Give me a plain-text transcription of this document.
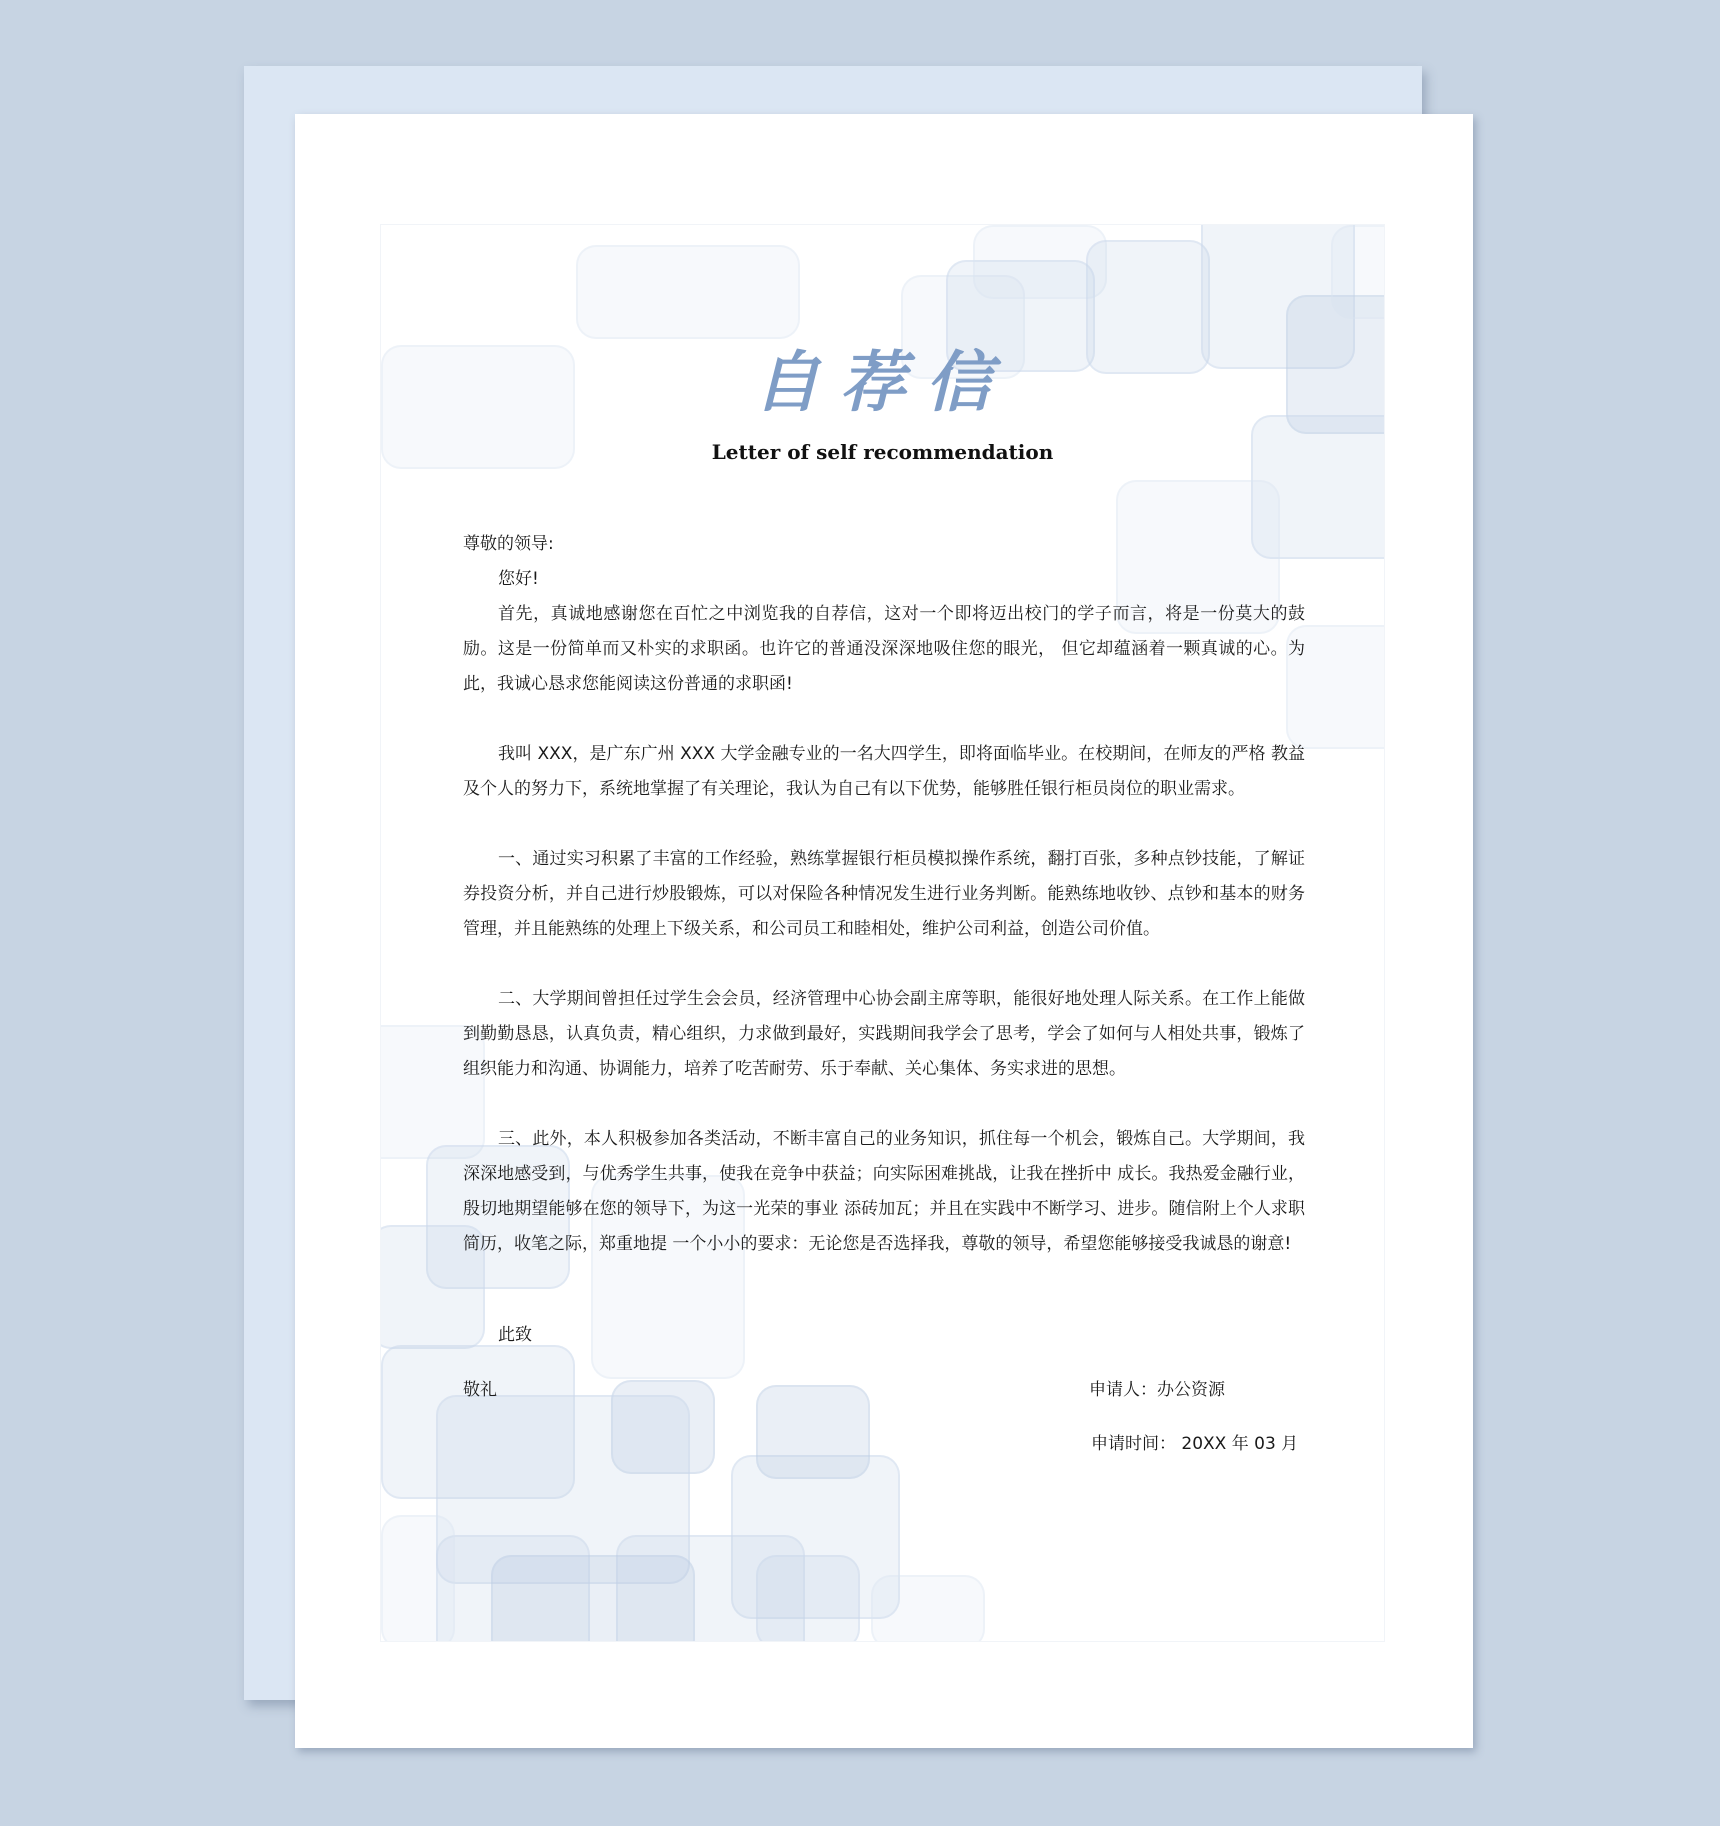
自荐信
Letter of self recommendation

尊敬的领导:

您好!

首先，真诚地感谢您在百忙之中浏览我的自荐信，这对一个即将迈出校门的学子而言，将是一份莫大的鼓励。这是一份简单而又朴实的求职函。也许它的普通没深深地吸住您的眼光， 但它却蕴涵着一颗真诚的心。为此，我诚心恳求您能阅读这份普通的求职函!

我叫 XXX，是广东广州 XXX 大学金融专业的一名大四学生，即将面临毕业。在校期间，在师友的严格 教益及个人的努力下，系统地掌握了有关理论，我认为自己有以下优势，能够胜任银行柜员岗位的职业需求。

一、通过实习积累了丰富的工作经验，熟练掌握银行柜员模拟操作系统，翻打百张，多种点钞技能，了解证券投资分析，并自己进行炒股锻炼，可以对保险各种情况发生进行业务判断。能熟练地收钞、点钞和基本的财务管理，并且能熟练的处理上下级关系，和公司员工和睦相处，维护公司利益，创造公司价值。

二、大学期间曾担任过学生会会员，经济管理中心协会副主席等职，能很好地处理人际关系。在工作上能做到勤勤恳恳，认真负责，精心组织，力求做到最好，实践期间我学会了思考，学会了如何与人相处共事，锻炼了组织能力和沟通、协调能力，培养了吃苦耐劳、乐于奉献、关心集体、务实求进的思想。

三、此外，本人积极参加各类活动，不断丰富自己的业务知识，抓住每一个机会，锻炼自己。大学期间，我深深地感受到，与优秀学生共事，使我在竞争中获益；向实际困难挑战，让我在挫折中 成长。我热爱金融行业，殷切地期望能够在您的领导下，为这一光荣的事业 添砖加瓦；并且在实践中不断学习、进步。随信附上个人求职简历，收笔之际，郑重地提 一个小小的要求：无论您是否选择我，尊敬的领导，希望您能够接受我诚恳的谢意!

此致
敬礼	申请人：办公资源
申请时间： 20XX 年 03 月
